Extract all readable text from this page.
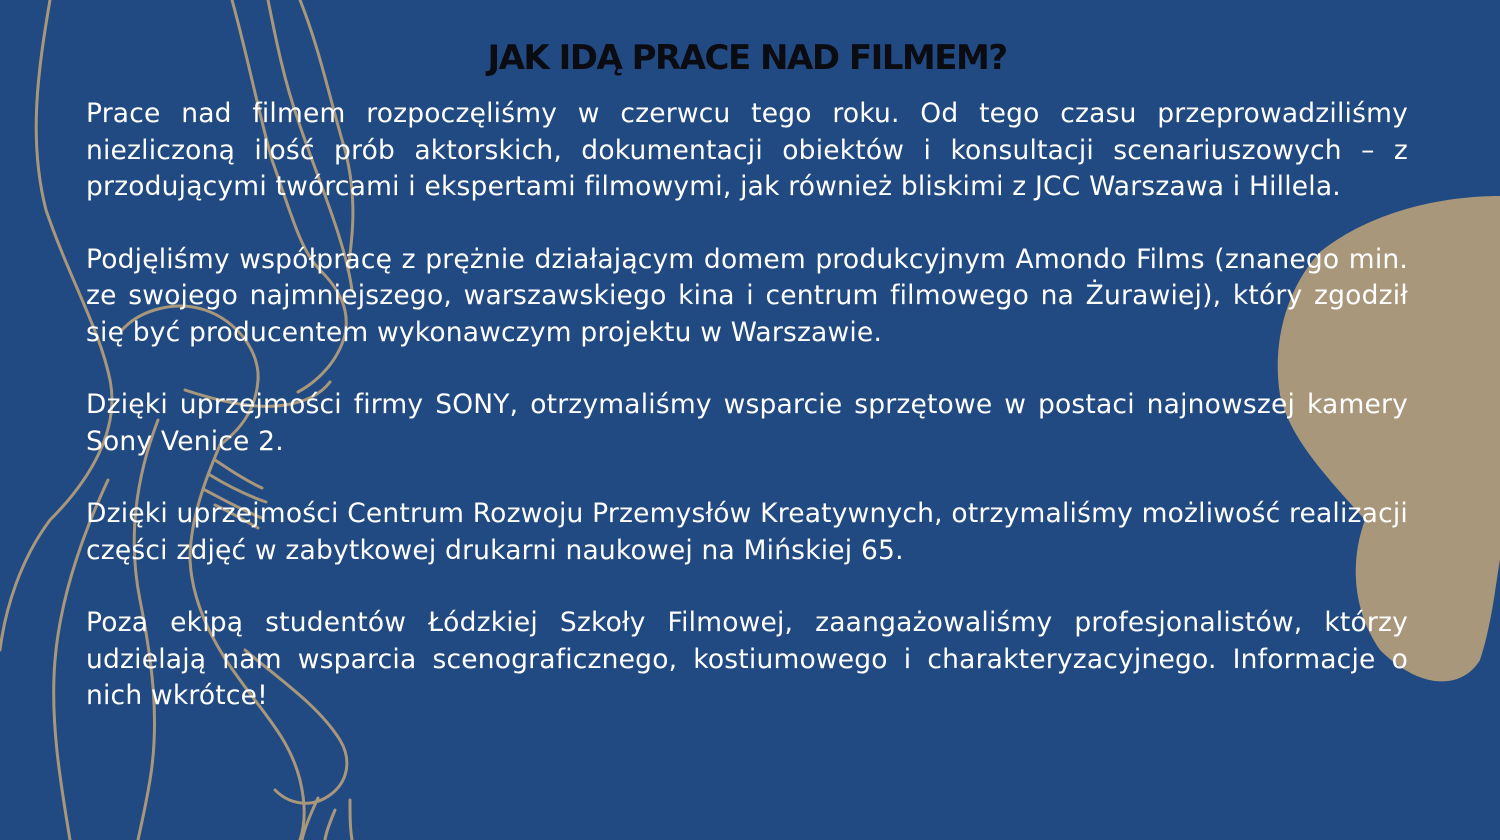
JAK IDĄ PRACE NAD FILMEM?

Prace nad filmem rozpoczęliśmy w czerwcu tego roku. Od tego czasu przeprowadziliśmy niezliczoną ilość prób aktorskich, dokumentacji obiektów i konsultacji scenariuszowych – z przodującymi twórcami i ekspertami filmowymi, jak również bliskimi z JCC Warszawa i Hillela.

Podjęliśmy współpracę z prężnie działającym domem produkcyjnym Amondo Films (znanego min. ze swojego najmniejszego, warszawskiego kina i centrum filmowego na Żurawiej), który zgodził się być producentem wykonawczym projektu w Warszawie.

Dzięki uprzejmości firmy SONY, otrzymaliśmy wsparcie sprzętowe w postaci najnowszej kamery Sony Venice 2.

Dzięki uprzejmości Centrum Rozwoju Przemysłów Kreatywnych, otrzymaliśmy możliwość realizacji części zdjęć w zabytkowej drukarni naukowej na Mińskiej 65.

Poza ekipą studentów Łódzkiej Szkoły Filmowej, zaangażowaliśmy profesjonalistów, którzy udzielają nam wsparcia scenograficznego, kostiumowego i charakteryzacyjnego. Informacje o nich wkrótce!
